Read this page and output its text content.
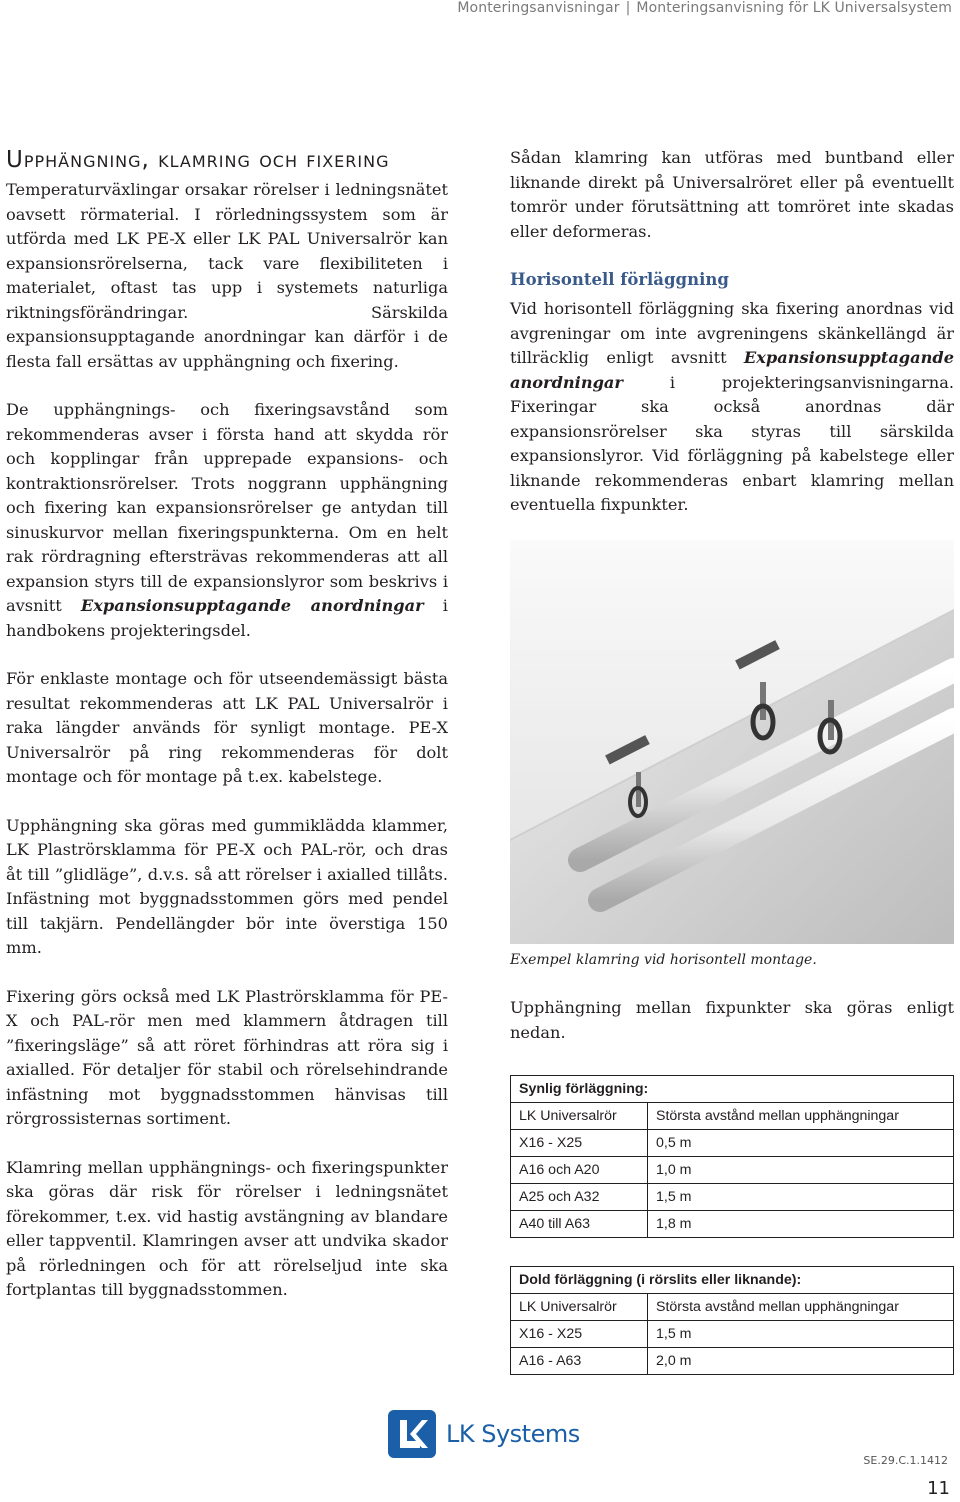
Monteringsanvisningar | Monteringsanvisning för LK Universalsystem
Upphängning, klamring och fixering

Temperaturväxlingar orsakar rörelser i ledningsnätet oavsett rörmaterial. I rörledningssystem som är utförda med LK PE-X eller LK PAL Universalrör kan expansionsrörelserna, tack vare flexibiliteten i materialet, oftast tas upp i systemets naturliga riktningsförändringar. Särskilda expansionsupptagande anordningar kan därför i de flesta fall ersättas av upphängning och fixering.

De upphängnings- och fixeringsavstånd som rekommenderas avser i första hand att skydda rör och kopplingar från upprepade expansions- och kontraktionsrörelser. Trots noggrann upphängning och fixering kan expansionsrörelser ge antydan till sinuskurvor mellan fixeringspunkterna. Om en helt rak rördragning eftersträvas rekommenderas att all expansion styrs till de expansionslyror som beskrivs i avsnitt Expansionsupptagande anordningar i handbokens projekteringsdel.

För enklaste montage och för utseendemässigt bästa resultat rekommenderas att LK PAL Universalrör i raka längder används för synligt montage. PE-X Universalrör på ring rekommenderas för dolt montage och för montage på t.ex. kabelstege.

Upphängning ska göras med gummiklädda klammer, LK Plaströrsklamma för PE-X och PAL-rör, och dras åt till ”glidläge”, d.v.s. så att rörelser i axialled tillåts. Infästning mot byggnadsstommen görs med pendel till takjärn. Pendellängder bör inte överstiga 150 mm.

Fixering görs också med LK Plaströrsklamma för PE-X och PAL-rör men med klammern åtdragen till ”fixeringsläge” så att röret förhindras att röra sig i axialled. För detaljer för stabil och rörelsehindrande infästning mot byggnadsstommen hänvisas till rörgrossisternas sortiment.

Klamring mellan upphängnings- och fixeringspunkter ska göras där risk för rörelser i ledningsnätet förekommer, t.ex. vid hastig avstängning av blandare eller tappventil. Klamringen avser att undvika skador på rörledningen och för att rörelseljud inte ska fortplantas till byggnadsstommen.

Sådan klamring kan utföras med buntband eller liknande direkt på Universalröret eller på eventuellt tomrör under förutsättning att tomröret inte skadas eller deformeras.

Horisontell förläggning

Vid horisontell förläggning ska fixering anordnas vid avgreningar om inte avgreningens skänkellängd är tillräcklig enligt avsnitt Expansionsupptagande anordningar i projekteringsanvisningarna. Fixeringar ska också anordnas där expansionsrörelser ska styras till särskilda expansionslyror. Vid förläggning på kabelstege eller liknande rekommenderas enbart klamring mellan eventuella fixpunkter.

Exempel klamring vid horisontell montage.

Upphängning mellan fixpunkter ska göras enligt nedan.

Synlig förläggning:	
LK Universalrör	Största avstånd mellan upphängningar
X16 - X25	0,5 m
A16 och A20	1,0 m
A25 och A32	1,5 m
A40 till A63	1,8 m
Dold förläggning (i rörslits eller liknande):	
LK Universalrör	Största avstånd mellan upphängningar
X16 - X25	1,5 m
A16 - A63	2,0 m
LK Systems
SE.29.C.1.1412
11
